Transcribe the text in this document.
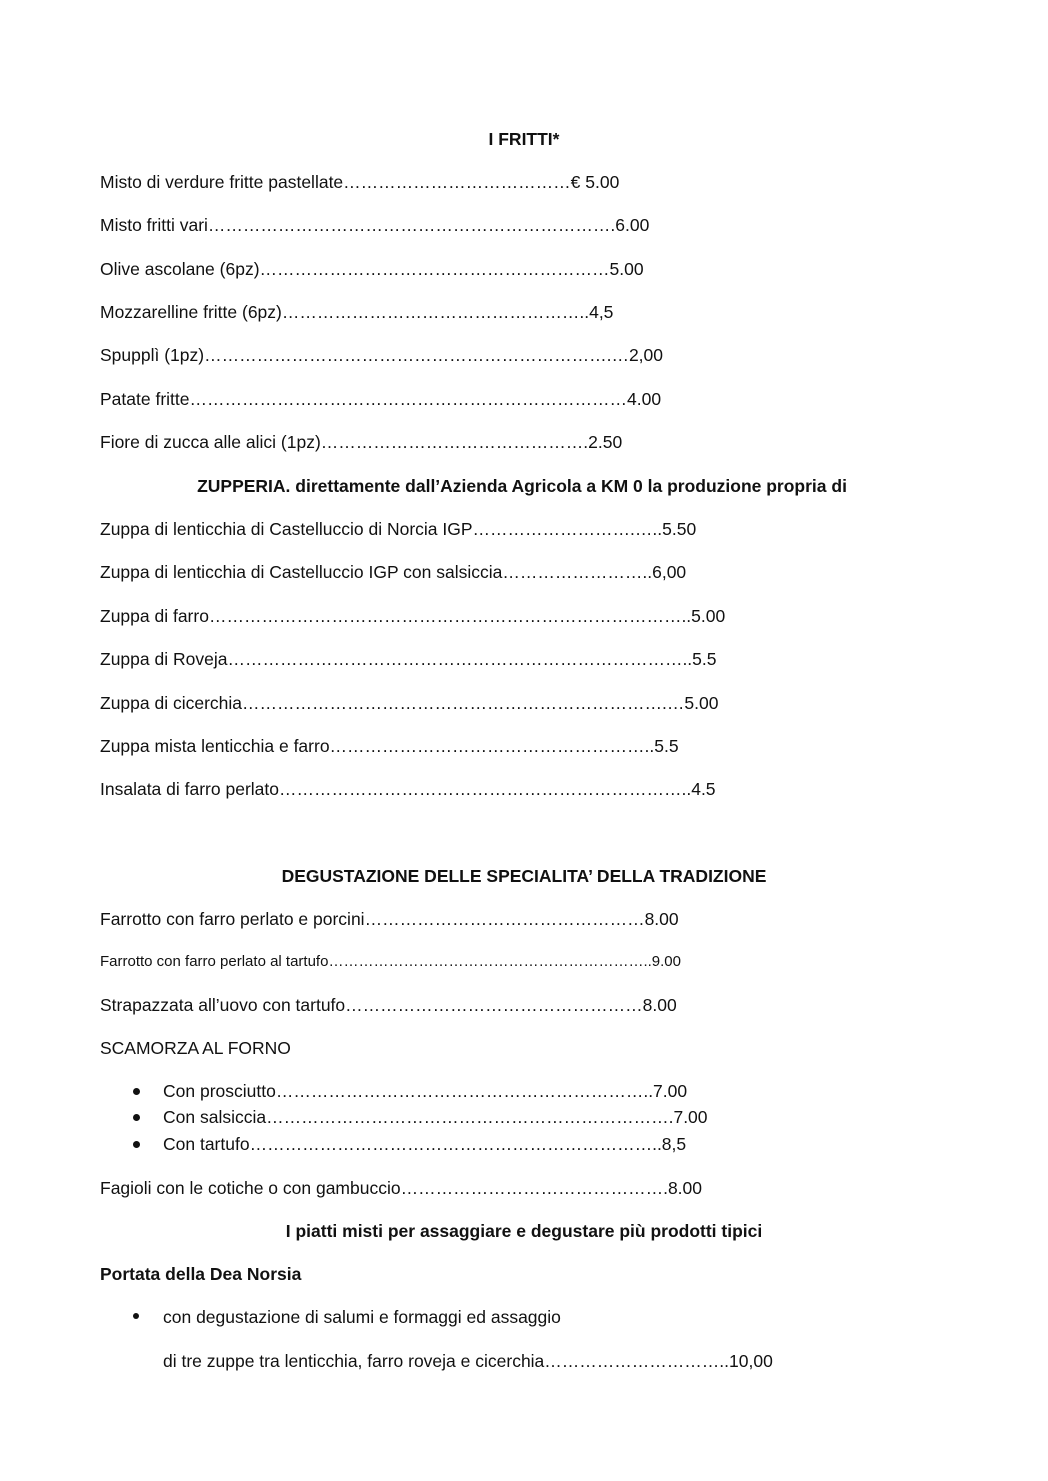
I FRITTI*
Misto di verdure fritte pastellate…………………………………€ 5.00
Misto fritti vari…………………………………………………………….6.00
Olive ascolane (6pz)……………………………………………………5.00
Mozzarelline fritte (6pz)……………………………………………..4,5
Spupplì (1pz)…………………………………………………………….…2,00
Patate fritte…………………………………………………………………4.00
Fiore di zucca alle alici (1pz)……………………………………….2.50
ZUPPERIA. direttamente dall’Azienda Agricola a KM 0 la produzione propria di
Zuppa di lenticchia di Castelluccio di Norcia IGP……………………….…..5.50
Zuppa di lenticchia di Castelluccio IGP con salsiccia……………………..6,00
Zuppa di farro………………………………………………………………………..5.00
Zuppa di Roveja……………………………………………………………………..5.5
Zuppa di cicerchia……………………………………………………………….…5.00
Zuppa mista lenticchia e farro………………………………………………..5.5
Insalata di farro perlato……………………………………………………………..4.5
DEGUSTAZIONE DELLE SPECIALITA’ DELLA TRADIZIONE
Farrotto con farro perlato e porcini…………………………………………8.00
Farrotto con farro perlato al tartufo………………………………………………………..9.00
Strapazzata all’uovo con tartufo……………………………………………8.00
SCAMORZA AL FORNO
Con prosciutto………………………………………………………..7.00
Con salsiccia…………………………………………………………….7.00
Con tartufo……………………………………………………………..8,5
Fagioli con le cotiche o con gambuccio……………………………………….8.00
I piatti misti per assaggiare e degustare più prodotti tipici
Portata della Dea Norsia
con degustazione di salumi e formaggi ed assaggio
di tre zuppe tra lenticchia, farro roveja e cicerchia…………………………..10,00
